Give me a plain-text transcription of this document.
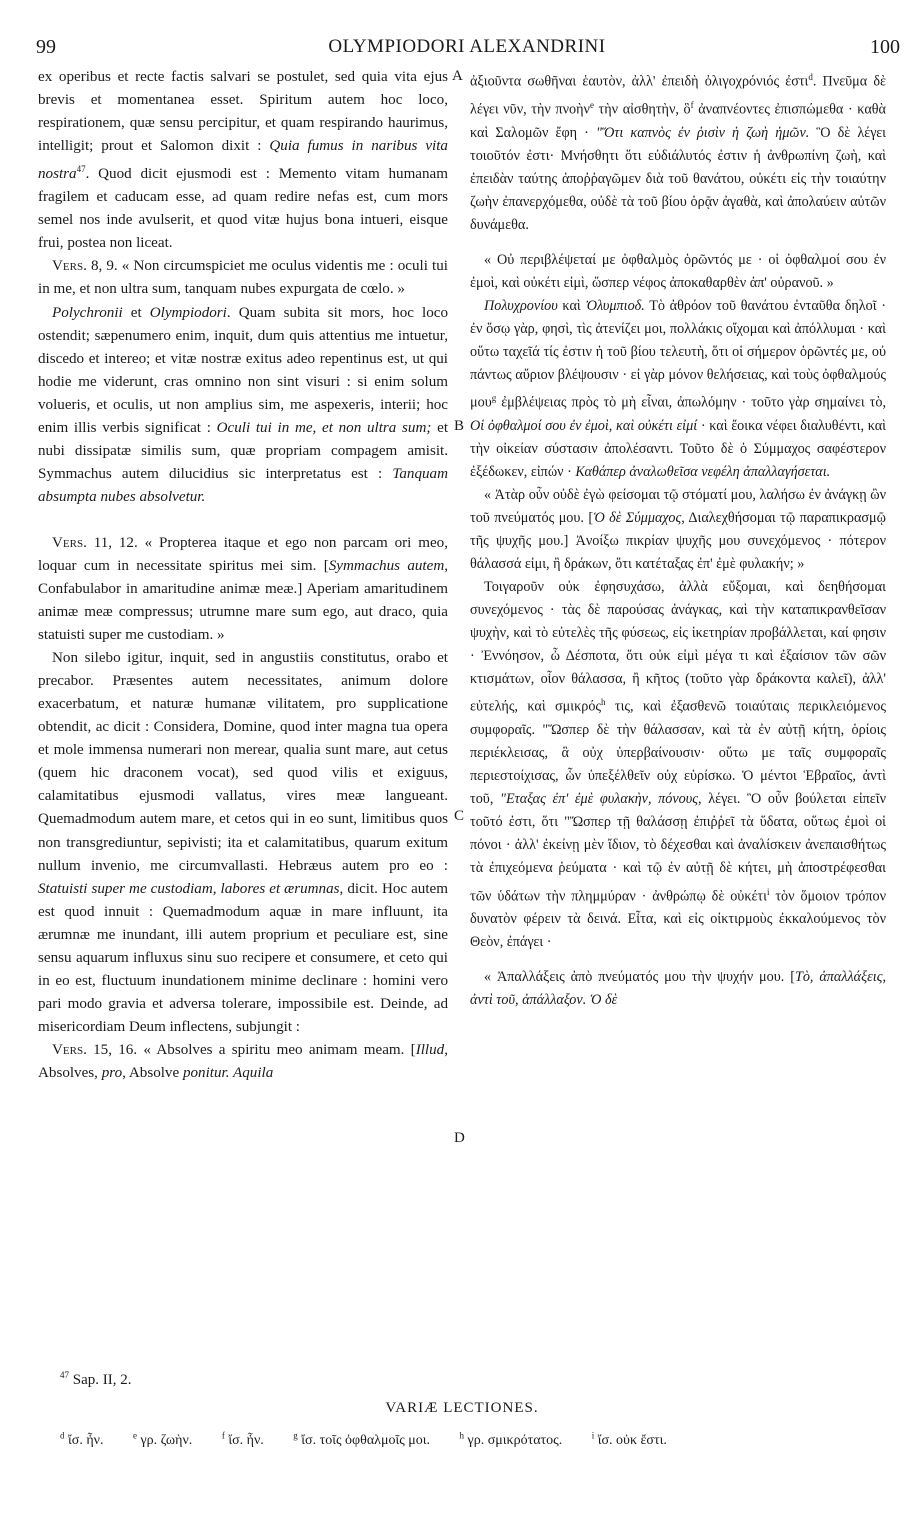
99	OLYMPIODORI ALEXANDRINI	100

ex operibus et recte factis salvari se postulet, sed quia vita ejus brevis et momentanea esset. Spiritum autem hoc loco, respirationem, quæ sensu percipitur, et quam respirando haurimus, intelligit; prout et Salomon dixit : Quia fumus in naribus vita nostra$^{47}$. Quod dicit ejusmodi est : Memento vitam humanam fragilem et caducam esse, ad quam redire nefas est, cum mors semel nos inde avulserit, et quod vitæ hujus bona intueri, eisque frui, postea non liceat.

Vers. 8, 9. « Non circumspiciet me oculus videntis me : oculi tui in me, et non ultra sum, tanquam nubes expurgata de cœlo. »

Polychronii et Olympiodori. Quam subita sit mors, hoc loco ostendit; sæpenumero enim, inquit, dum quis attentius me intuetur, discedo et intereo; et vitæ nostræ exitus adeo repentinus est, ut qui hodie me viderunt, cras omnino non sint visuri : si enim solum volueris, et oculis, ut non amplius sim, me aspexeris, interii; hoc enim illis verbis significat : Oculi tui in me, et non ultra sum; et nubi dissipatæ similis sum, quæ propriam compagem amisit. Symmachus autem dilucidius sic interpretatus est : Tanquam absumpta nubes absolvetur.

Vers. 11, 12. « Propterea itaque et ego non parcam ori meo, loquar cum in necessitate spiritus mei sim. [Symmachus autem, Confabulabor in amaritudine animæ meæ.] Aperiam amaritudinem animæ meæ compressus; utrumne mare sum ego, aut draco, quia statuisti super me custodiam. »

Non silebo igitur, inquit, sed in angustiis constitutus, orabo et precabor. Præsentes autem necessitates, animum dolore exacerbatum, et naturæ humanæ vilitatem, pro supplicatione obtendit, ac dicit : Considera, Domine, quod inter magna tua opera et mole immensa numerari non merear, qualia sunt mare, aut cetus (quem hic draconem vocat), sed quod vilis et exiguus, calamitatibus ejusmodi vallatus, vires meæ langueant. Quemadmodum autem mare, et cetos qui in eo sunt, limitibus quos non transgrediuntur, sepivisti; ita et calamitatibus, quarum exitum nullum invenio, me circumvallasti. Hebræus autem pro eo : Statuisti super me custodiam, labores et ærumnas, dicit. Hoc autem est quod innuit : Quemadmodum aquæ in mare influunt, ita ærumnæ me inundant, illi autem proprium et peculiare est, sine sensu aquarum influxus sinu suo recipere et consumere, et ceto qui in eo est, fluctuum inundationem minime declinare : homini vero pari modo gravia et adversa tolerare, impossibile est. Deinde, ad misericordiam Deum inflectens, subjungit :

Vers. 15, 16. « Absolves a spiritu meo animam meam. [Illud, Absolves, pro, Absolve ponitur. Aquila

A
B
C
D

ἀξιοῦντα σωθῆναι ἑαυτὸν, ἀλλ' ἐπειδὴ ὀλιγοχρόνιός ἐστι$^d$. Πνεῦμα δὲ λέγει νῦν, τὴν πνοὴν$^e$ τὴν αἰσθητὴν, ὃ$^f$ ἀναπνέοντες ἐπισπώμεθα · καθὰ καὶ Σαλομῶν ἔφη · "Ὅτι καπνὸς ἐν ῥισὶν ἡ ζωὴ ἡμῶν. Ὃ δὲ λέγει τοιοῦτόν ἐστι· Μνήσθητι ὅτι εὐδιάλυτός ἐστιν ἡ ἀνθρωπίνη ζωὴ, καὶ ἐπειδὰν ταύτης ἀποῤῥαγῶμεν διὰ τοῦ θανάτου, οὐκέτι εἰς τὴν τοιαύτην ζωὴν ἐπανερχόμεθα, οὐδὲ τὰ τοῦ βίου ὁρᾷν ἀγαθὰ, καὶ ἀπολαύειν αὐτῶν δυνάμεθα.

« Οὐ περιβλέψεταί με ὀφθαλμὸς ὁρῶντός με · οἱ ὀφθαλμοί σου ἐν ἐμοὶ, καὶ οὐκέτι εἰμὶ, ὥσπερ νέφος ἀποκαθαρθὲν ἀπ' οὐρανοῦ. »

Πολυχρονίου καὶ Ὀλυμπιοδ. Τὸ ἀθρόον τοῦ θανάτου ἐνταῦθα δηλοῖ · ἐν ὅσῳ γὰρ, φησὶ, τὶς ἀτενίζει μοι, πολλάκις οἴχομαι καὶ ἀπόλλυμαι · καὶ οὕτω ταχεῖά τίς ἐστιν ἡ τοῦ βίου τελευτὴ, ὅτι οἱ σήμερον ὁρῶντές με, οὐ πάντως αὔριον βλέψουσιν · εἰ γὰρ μόνον θελήσειας, καὶ τοὺς ὀφθαλμούς μου$^g$ ἐμβλέψειας πρὸς τὸ μὴ εἶναι, ἀπωλόμην · τοῦτο γὰρ σημαίνει τὸ, Οἱ ὀφθαλμοί σου ἐν ἐμοὶ, καὶ οὐκέτι εἰμί · καὶ ἔοικα νέφει διαλυθέντι, καὶ τὴν οἰκείαν σύστασιν ἀπολέσαντι. Τοῦτο δὲ ὁ Σύμμαχος σαφέστερον ἐξέδωκεν, εἰπών · Καθάπερ ἀναλωθεῖσα νεφέλη ἀπαλλαγήσεται.

« Ἀτὰρ οὖν οὐδὲ ἐγὼ φείσομαι τῷ στόματί μου, λαλήσω ἐν ἀνάγκῃ ὢν τοῦ πνεύματός μου. [Ὁ δὲ Σύμμαχος, Διαλεχθήσομαι τῷ παραπικρασμῷ τῆς ψυχῆς μου.] Ἀνοίξω πικρίαν ψυχῆς μου συνεχόμενος · πότερον θάλασσά εἰμι, ἢ δράκων, ὅτι κατέταξας ἐπ' ἐμὲ φυλακήν; »

Τοιγαροῦν οὐκ ἐφησυχάσω, ἀλλὰ εὔξομαι, καὶ δεηθήσομαι συνεχόμενος · τὰς δὲ παρούσας ἀνάγκας, καὶ τὴν καταπικρανθεῖσαν ψυχὴν, καὶ τὸ εὐτελὲς τῆς φύσεως, εἰς ἱκετηρίαν προβάλλεται, καί φησιν · Ἐννόησον, ὦ Δέσποτα, ὅτι οὐκ εἰμὶ μέγα τι καὶ ἐξαίσιον τῶν σῶν κτισμάτων, οἷον θάλασσα, ἢ κῆτος (τοῦτο γὰρ δράκοντα καλεῖ), ἀλλ' εὐτελής, καὶ σμικρός$^h$ τις, καὶ ἐξασθενῶ τοιαύταις περικλειόμενος συμφοραῖς. "Ὥσπερ δὲ τὴν θάλασσαν, καὶ τὰ ἐν αὐτῇ κήτη, ὁρίοις περιέκλεισας, ἃ οὐχ ὑπερβαίνουσιν· οὕτω με ταῖς συμφοραῖς περιεστοίχισας, ὧν ὑπεξέλθεῖν οὐχ εὑρίσκω. Ὁ μέντοι Ἑβραῖος, ἀντὶ τοῦ, "Εταξας ἐπ' ἐμὲ φυλακὴν, πόνους, λέγει. Ὃ οὖν βούλεται εἰπεῖν τοῦτό ἐστι, ὅτι "Ὥσπερ τῇ θαλάσσῃ ἐπιῤῥεῖ τὰ ὕδατα, οὕτως ἐμοὶ οἱ πόνοι · ἀλλ' ἐκείνῃ μὲν ἴδιον, τὸ δέχεσθαι καὶ ἀναλίσκειν ἀνεπαισθήτως τὰ ἐπιχεόμενα ῥεύματα · καὶ τῷ ἐν αὐτῇ δὲ κήτει, μὴ ἀποστρέφεσθαι τῶν ὑδάτων τὴν πλημμύραν · ἀνθρώπῳ δὲ οὐκέτι$^i$ τὸν ὅμοιον τρόπον δυνατὸν φέρειν τὰ δεινά. Εἶτα, καὶ εἰς οἰκτιρμοὺς ἐκκαλούμενος τὸν Θεὸν, ἐπάγει ·

« Ἀπαλλάξεις ἀπὸ πνεύματός μου τὴν ψυχήν μου. [Τὸ, ἀπαλλάξεις, ἀντὶ τοῦ, ἀπάλλαξον. Ὁ δὲ

$^{47}$ Sap. II, 2.
VARIÆ LECTIONES.
$^d$ ἴσ. ἦν.	$^e$ γρ. ζωὴν.	$^f$ ἴσ. ἦν.	$^g$ ἴσ. τοῖς ὀφθαλμοῖς μοι.	$^h$ γρ. σμικρότατος.	$^i$ ἴσ. οὐκ ἔστι.
